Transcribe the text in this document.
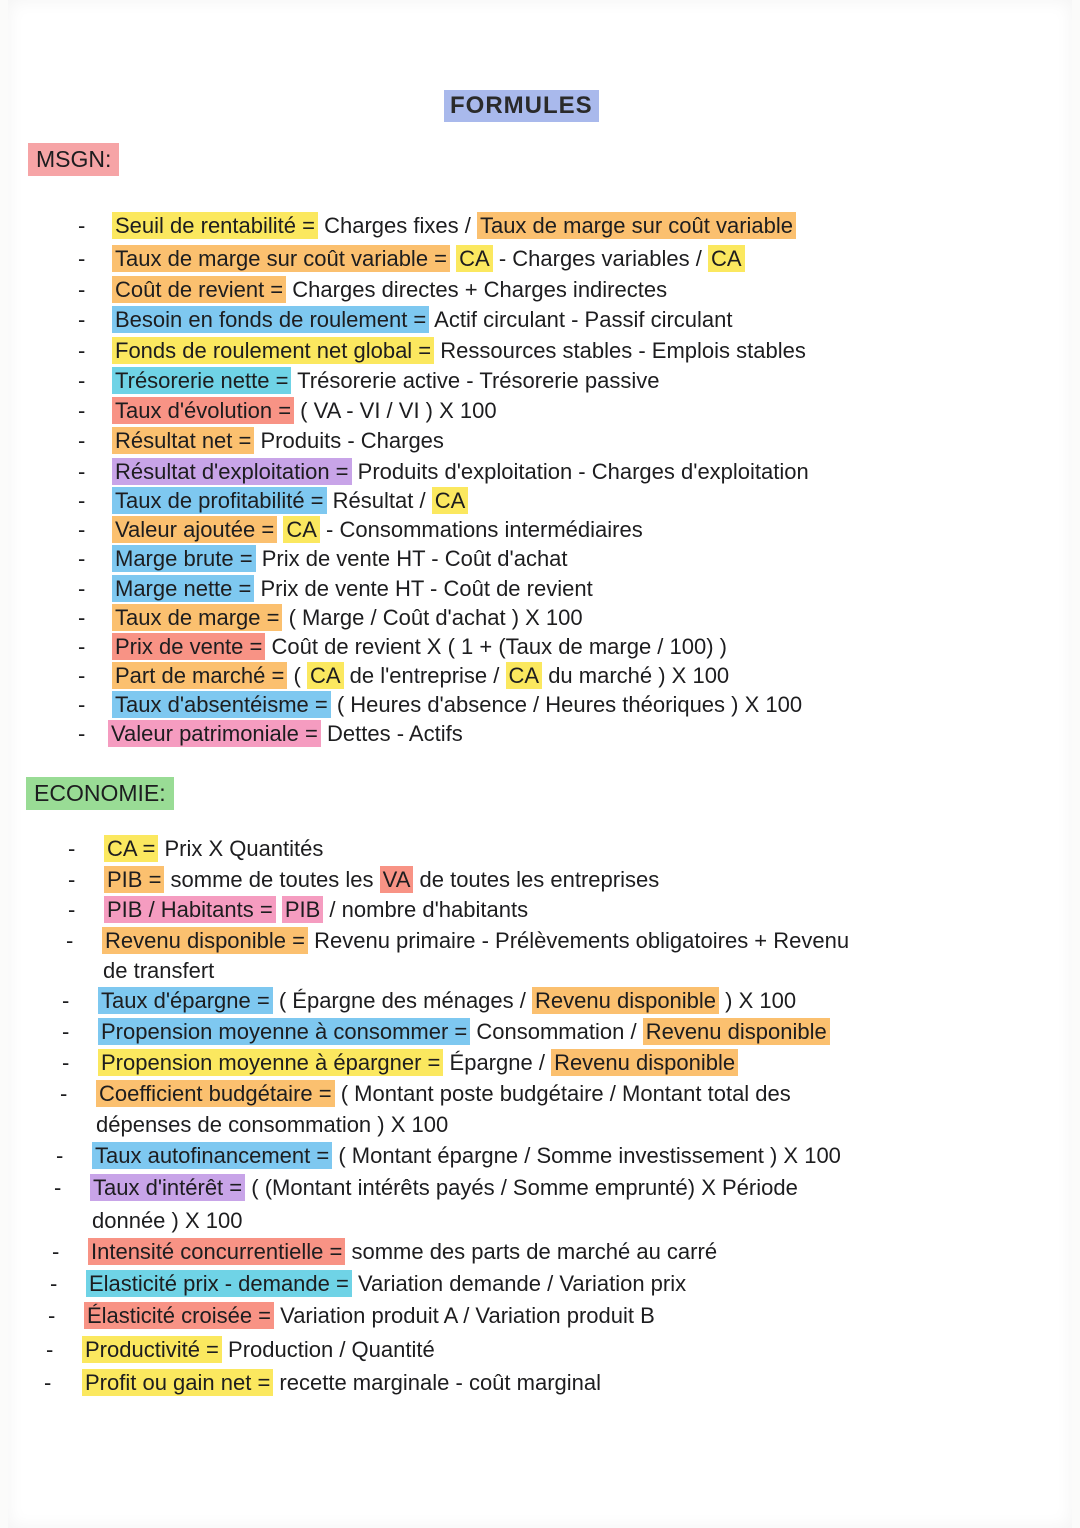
FORMULES
MSGN:
- Seuil de rentabilité = Charges fixes / Taux de marge sur coût variable
- Taux de marge sur coût variable = CA - Charges variables / CA
- Coût de revient = Charges directes + Charges indirectes
- Besoin en fonds de roulement = Actif circulant - Passif circulant
- Fonds de roulement net global = Ressources stables - Emplois stables
- Trésorerie nette = Trésorerie active - Trésorerie passive
- Taux d'évolution = ( VA - VI / VI ) X 100
- Résultat net = Produits - Charges
- Résultat d'exploitation = Produits d'exploitation - Charges d'exploitation
- Taux de profitabilité = Résultat / CA
- Valeur ajoutée = CA - Consommations intermédiaires
- Marge brute = Prix de vente HT - Coût d'achat
- Marge nette = Prix de vente HT - Coût de revient
- Taux de marge = ( Marge / Coût d'achat ) X 100
- Prix de vente = Coût de revient X ( 1 + (Taux de marge / 100) )
- Part de marché = ( CA de l'entreprise / CA du marché ) X 100
- Taux d'absentéisme = ( Heures d'absence / Heures théoriques ) X 100
- Valeur patrimoniale = Dettes - Actifs
ECONOMIE:
- CA = Prix X Quantités
- PIB = somme de toutes les VA de toutes les entreprises
- PIB / Habitants = PIB / nombre d'habitants
- Revenu disponible = Revenu primaire - Prélèvements obligatoires + Revenu
de transfert
- Taux d'épargne = ( Épargne des ménages / Revenu disponible ) X 100
- Propension moyenne à consommer = Consommation / Revenu disponible
- Propension moyenne à épargner = Épargne / Revenu disponible
- Coefficient budgétaire = ( Montant poste budgétaire / Montant total des
dépenses de consommation ) X 100
- Taux autofinancement = ( Montant épargne / Somme investissement ) X 100
- Taux d'intérêt = ( (Montant intérêts payés / Somme emprunté) X Période
donnée ) X 100
- Intensité concurrentielle = somme des parts de marché au carré
- Elasticité prix - demande = Variation demande / Variation prix
- Élasticité croisée = Variation produit A / Variation produit B
- Productivité = Production / Quantité
- Profit ou gain net = recette marginale - coût marginal
